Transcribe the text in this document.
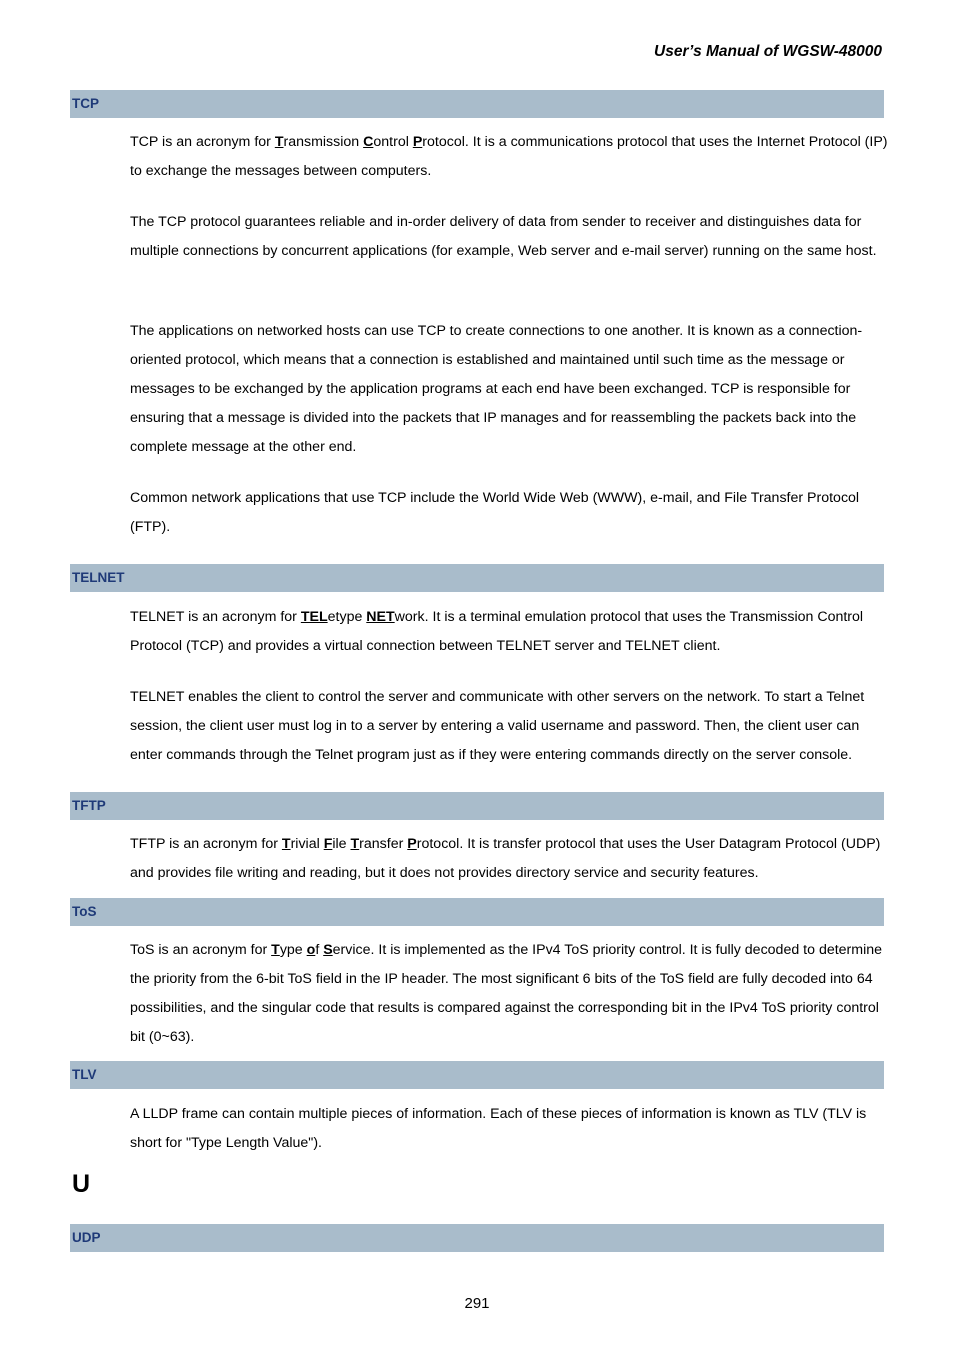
User’s Manual of WGSW-48000
TCP

TCP is an acronym for Transmission Control Protocol. It is a communications protocol that uses the Internet Protocol (IP) to exchange the messages between computers.

The TCP protocol guarantees reliable and in-order delivery of data from sender to receiver and distinguishes data for multiple connections by concurrent applications (for example, Web server and e-mail server) running on the same host.

The applications on networked hosts can use TCP to create connections to one another. It is known as a connection-oriented protocol, which means that a connection is established and maintained until such time as the message or messages to be exchanged by the application programs at each end have been exchanged. TCP is responsible for ensuring that a message is divided into the packets that IP manages and for reassembling the packets back into the complete message at the other end.

Common network applications that use TCP include the World Wide Web (WWW), e-mail, and File Transfer Protocol (FTP).

TELNET

TELNET is an acronym for TELetype NETwork. It is a terminal emulation protocol that uses the Transmission Control Protocol (TCP) and provides a virtual connection between TELNET server and TELNET client.

TELNET enables the client to control the server and communicate with other servers on the network. To start a Telnet session, the client user must log in to a server by entering a valid username and password. Then, the client user can enter commands through the Telnet program just as if they were entering commands directly on the server console.

TFTP

TFTP is an acronym for Trivial File Transfer Protocol. It is transfer protocol that uses the User Datagram Protocol (UDP) and provides file writing and reading, but it does not provides directory service and security features.

ToS

ToS is an acronym for Type of Service. It is implemented as the IPv4 ToS priority control. It is fully decoded to determine the priority from the 6-bit ToS field in the IP header. The most significant 6 bits of the ToS field are fully decoded into 64 possibilities, and the singular code that results is compared against the corresponding bit in the IPv4 ToS priority control bit (0~63).

TLV

A LLDP frame can contain multiple pieces of information. Each of these pieces of information is known as TLV (TLV is short for "Type Length Value").

U
UDP
291
